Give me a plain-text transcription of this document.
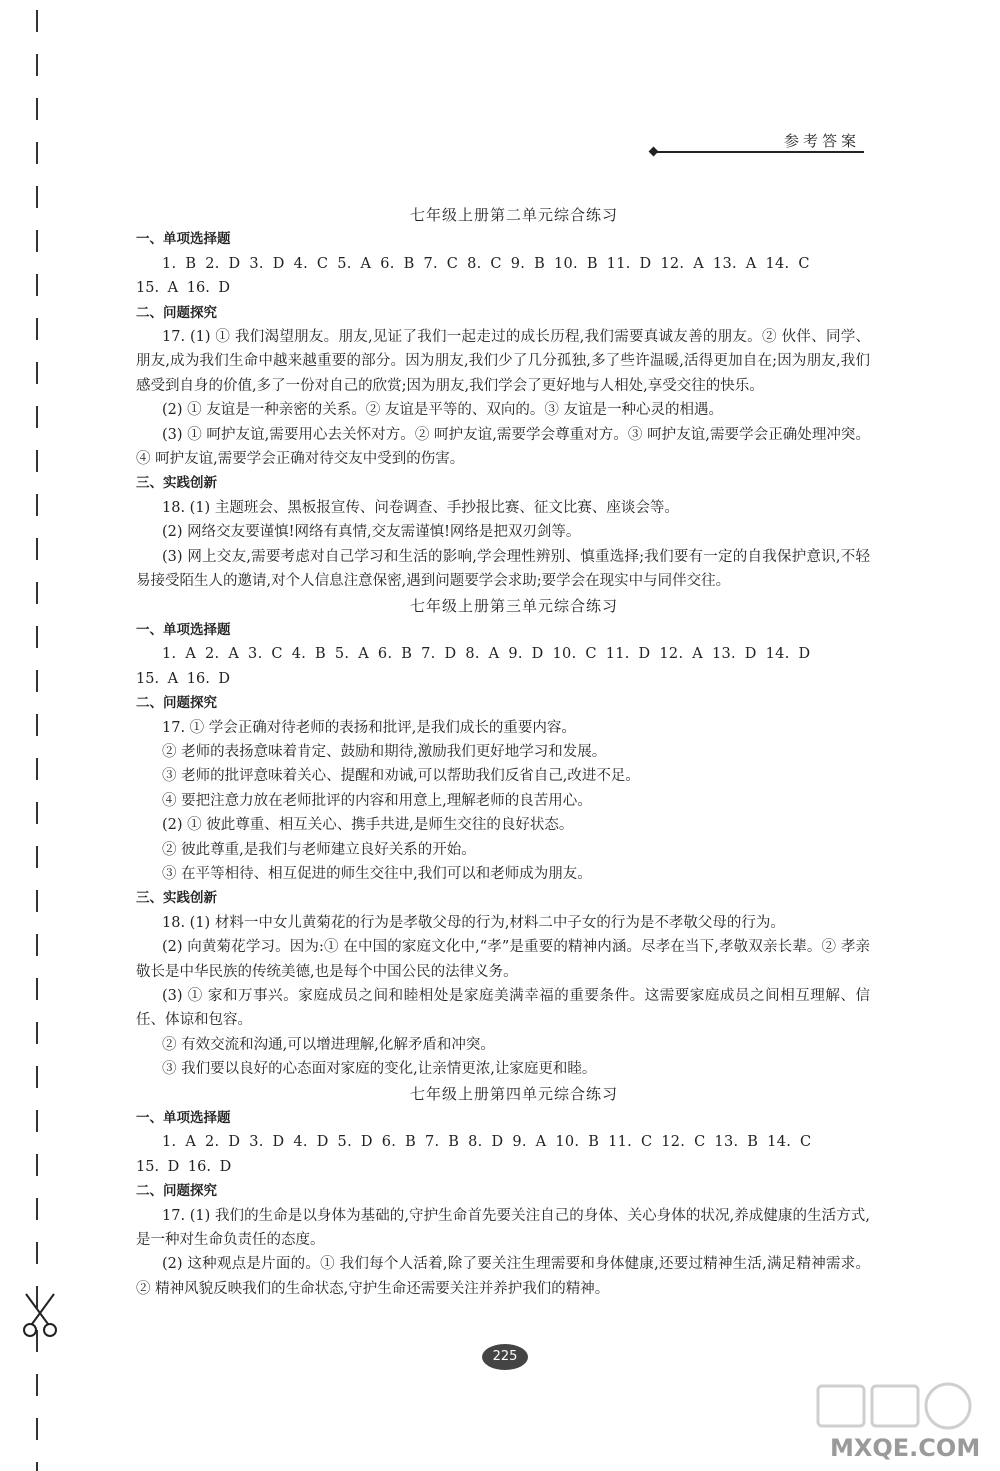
参考答案
七年级上册第二单元综合练习
一、单项选择题
1. B 2. D 3. D 4. C 5. A 6. B 7. C 8. C 9. B 10. B 11. D 12. A 13. A 14. C
15. A 16. D
二、问题探究
17. (1) ① 我们渴望朋友。朋友,见证了我们一起走过的成长历程,我们需要真诚友善的朋友。② 伙伴、同学、朋友,成为我们生命中越来越重要的部分。因为朋友,我们少了几分孤独,多了些许温暖,活得更加自在;因为朋友,我们感受到自身的价值,多了一份对自己的欣赏;因为朋友,我们学会了更好地与人相处,享受交往的快乐。
(2) ① 友谊是一种亲密的关系。② 友谊是平等的、双向的。③ 友谊是一种心灵的相遇。
(3) ① 呵护友谊,需要用心去关怀对方。② 呵护友谊,需要学会尊重对方。③ 呵护友谊,需要学会正确处理冲突。④ 呵护友谊,需要学会正确对待交友中受到的伤害。
三、实践创新
18. (1) 主题班会、黑板报宣传、问卷调查、手抄报比赛、征文比赛、座谈会等。
(2) 网络交友要谨慎!网络有真情,交友需谨慎!网络是把双刃剑等。
(3) 网上交友,需要考虑对自己学习和生活的影响,学会理性辨别、慎重选择;我们要有一定的自我保护意识,不轻易接受陌生人的邀请,对个人信息注意保密,遇到问题要学会求助;要学会在现实中与同伴交往。
七年级上册第三单元综合练习
一、单项选择题
1. A 2. A 3. C 4. B 5. A 6. B 7. D 8. A 9. D 10. C 11. D 12. A 13. D 14. D
15. A 16. D
二、问题探究
17. ① 学会正确对待老师的表扬和批评,是我们成长的重要内容。
② 老师的表扬意味着肯定、鼓励和期待,激励我们更好地学习和发展。
③ 老师的批评意味着关心、提醒和劝诫,可以帮助我们反省自己,改进不足。
④ 要把注意力放在老师批评的内容和用意上,理解老师的良苦用心。
(2) ① 彼此尊重、相互关心、携手共进,是师生交往的良好状态。
② 彼此尊重,是我们与老师建立良好关系的开始。
③ 在平等相待、相互促进的师生交往中,我们可以和老师成为朋友。
三、实践创新
18. (1) 材料一中女儿黄菊花的行为是孝敬父母的行为,材料二中子女的行为是不孝敬父母的行为。
(2) 向黄菊花学习。因为:① 在中国的家庭文化中,“孝”是重要的精神内涵。尽孝在当下,孝敬双亲长辈。② 孝亲敬长是中华民族的传统美德,也是每个中国公民的法律义务。
(3) ① 家和万事兴。家庭成员之间和睦相处是家庭美满幸福的重要条件。这需要家庭成员之间相互理解、信任、体谅和包容。
② 有效交流和沟通,可以增进理解,化解矛盾和冲突。
③ 我们要以良好的心态面对家庭的变化,让亲情更浓,让家庭更和睦。
七年级上册第四单元综合练习
一、单项选择题
1. A 2. D 3. D 4. D 5. D 6. B 7. B 8. D 9. A 10. B 11. C 12. C 13. B 14. C
15. D 16. D
二、问题探究
17. (1) 我们的生命是以身体为基础的,守护生命首先要关注自己的身体、关心身体的状况,养成健康的生活方式,是一种对生命负责任的态度。
(2) 这种观点是片面的。① 我们每个人活着,除了要关注生理需要和身体健康,还要过精神生活,满足精神需求。② 精神风貌反映我们的生命状态,守护生命还需要关注并养护我们的精神。
225
MXQE.COM
